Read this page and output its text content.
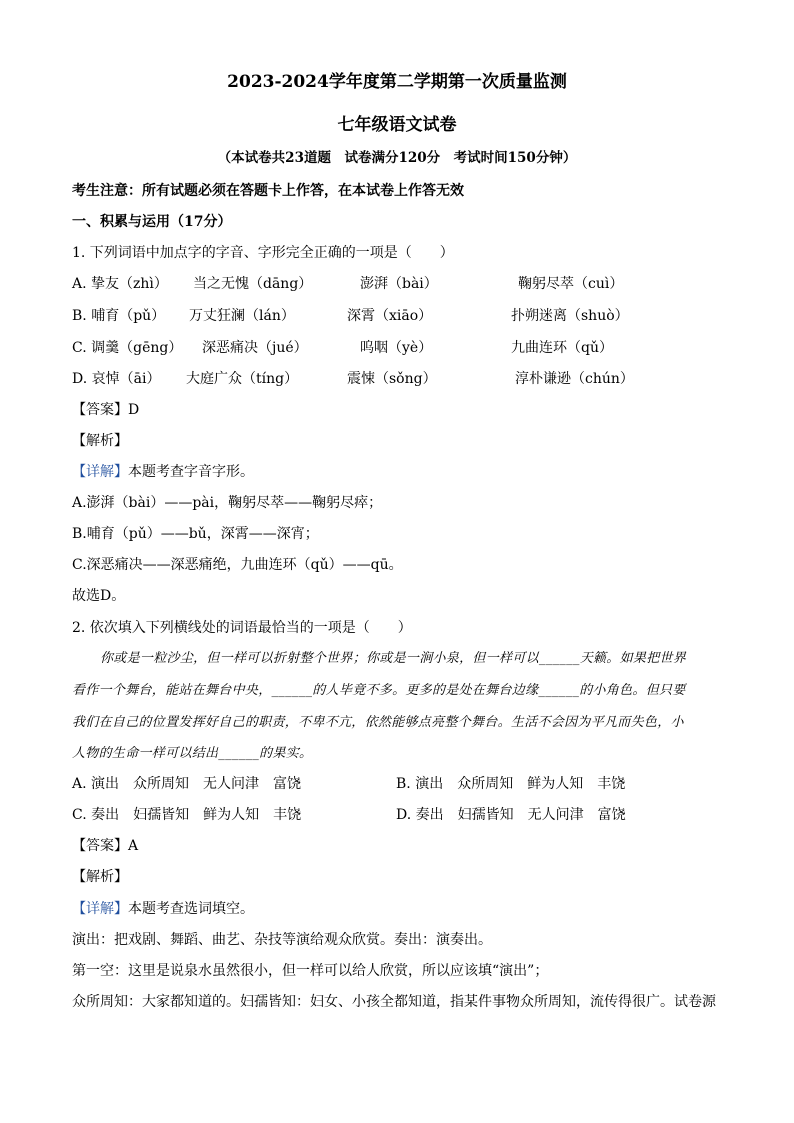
2023-2024学年度第二学期第一次质量监测
七年级语文试卷
（本试卷共23道题　试卷满分120分　考试时间150分钟）
考生注意：所有试题必须在答题卡上作答，在本试卷上作答无效
一、积累与运用（17分）
1. 下列词语中加点字的字音、字形完全正确的一项是（　　）
A. 挚友（zhì） 当之无愧（dāng）	澎湃（bài）	鞠躬尽萃（cuì）
B. 哺育（pǔ） 万丈狂澜（lán）	深霄（xiāo）	扑朔迷离（shuò）
C. 调羹（gēng） 深恶痛决（jué）	呜咽（yè）	九曲连环（qǔ）
D. 哀悼（āi） 大庭广众（tíng）	震悚（sǒng）	淳朴谦逊（chún）
【答案】D
【解析】
【详解】本题考查字音字形。
A.澎湃（bài）——pài，鞠躬尽萃——鞠躬尽瘁；
B.哺育（pǔ）——bǔ，深霄——深宵；
C.深恶痛决——深恶痛绝，九曲连环（qǔ）——qū。
故选D。
2. 依次填入下列横线处的词语最恰当的一项是（　　）
你或是一粒沙尘，但一样可以折射整个世界；你或是一涧小泉，但一样可以______天籁。如果把世界
看作一个舞台，能站在舞台中央，______的人毕竟不多。更多的是处在舞台边缘______的小角色。但只要
我们在自己的位置发挥好自己的职责，不卑不亢，依然能够点亮整个舞台。生活不会因为平凡而失色，小
人物的生命一样可以结出______的果实。
A. 演出　众所周知　无人问津　富饶	B. 演出　众所周知　鲜为人知　丰饶
C. 奏出　妇孺皆知　鲜为人知　丰饶	D. 奏出　妇孺皆知　无人问津　富饶
【答案】A
【解析】
【详解】本题考查选词填空。
演出：把戏剧、舞蹈、曲艺、杂技等演给观众欣赏。奏出：演奏出。
第一空：这里是说泉水虽然很小，但一样可以给人欣赏，所以应该填“演出”；
众所周知：大家都知道的。妇孺皆知：妇女、小孩全都知道，指某件事物众所周知，流传得很广。试卷源
